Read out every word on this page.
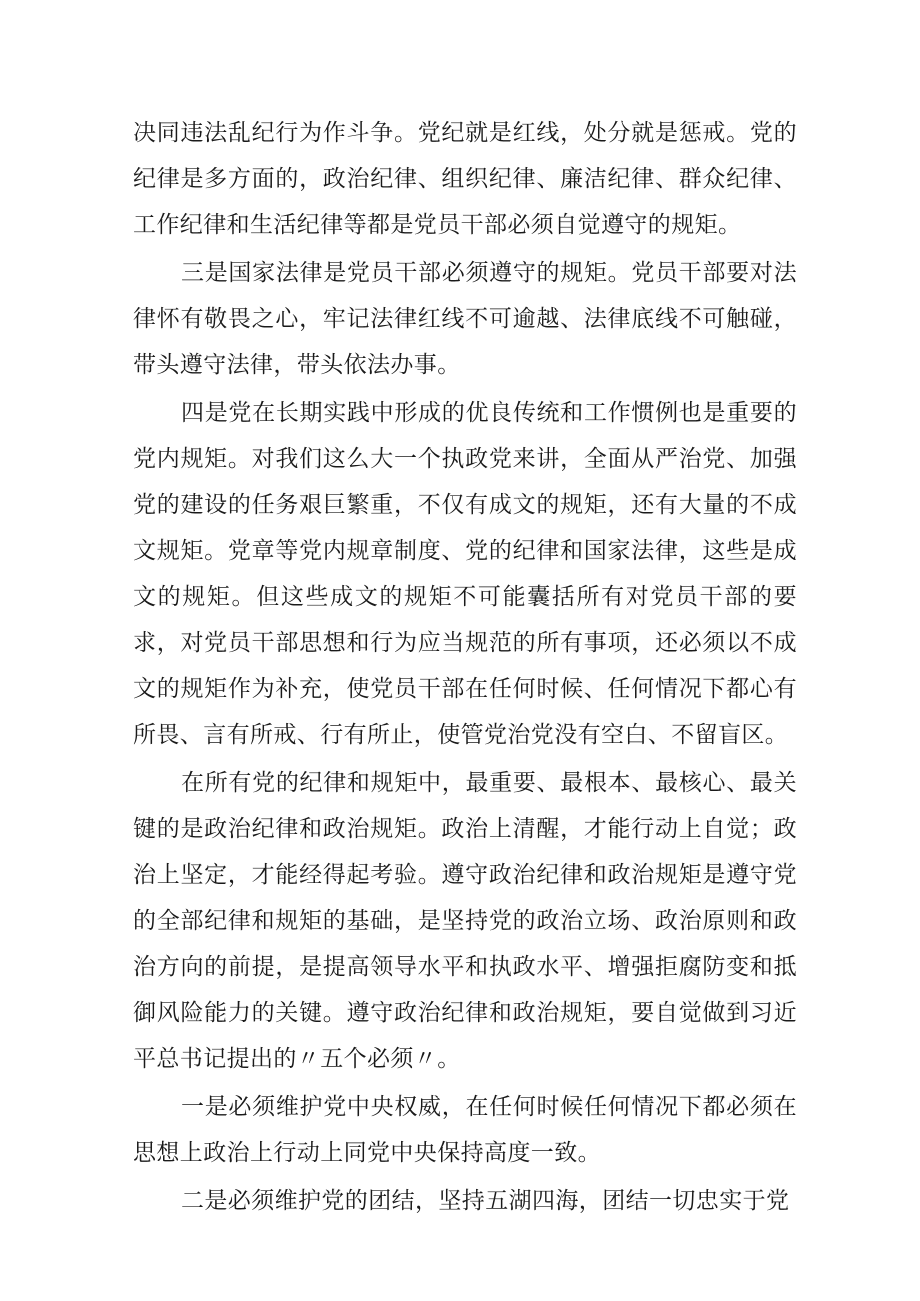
决同违法乱纪行为作斗争。党纪就是红线，处分就是惩戒。党的纪律是多方面的，政治纪律、组织纪律、廉洁纪律、群众纪律、工作纪律和生活纪律等都是党员干部必须自觉遵守的规矩。

三是国家法律是党员干部必须遵守的规矩。党员干部要对法律怀有敬畏之心，牢记法律红线不可逾越、法律底线不可触碰，带头遵守法律，带头依法办事。

四是党在长期实践中形成的优良传统和工作惯例也是重要的党内规矩。对我们这么大一个执政党来讲，全面从严治党、加强党的建设的任务艰巨繁重，不仅有成文的规矩，还有大量的不成文规矩。党章等党内规章制度、党的纪律和国家法律，这些是成文的规矩。但这些成文的规矩不可能囊括所有对党员干部的要求，对党员干部思想和行为应当规范的所有事项，还必须以不成文的规矩作为补充，使党员干部在任何时候、任何情况下都心有所畏、言有所戒、行有所止，使管党治党没有空白、不留盲区。

在所有党的纪律和规矩中，最重要、最根本、最核心、最关键的是政治纪律和政治规矩。政治上清醒，才能行动上自觉；政治上坚定，才能经得起考验。遵守政治纪律和政治规矩是遵守党的全部纪律和规矩的基础，是坚持党的政治立场、政治原则和政治方向的前提，是提高领导水平和执政水平、增强拒腐防变和抵御风险能力的关键。遵守政治纪律和政治规矩，要自觉做到习近平总书记提出的〃五个必须〃。

一是必须维护党中央权威，在任何时候任何情况下都必须在思想上政治上行动上同党中央保持高度一致。

二是必须维护党的团结，坚持五湖四海，团结一切忠实于党
